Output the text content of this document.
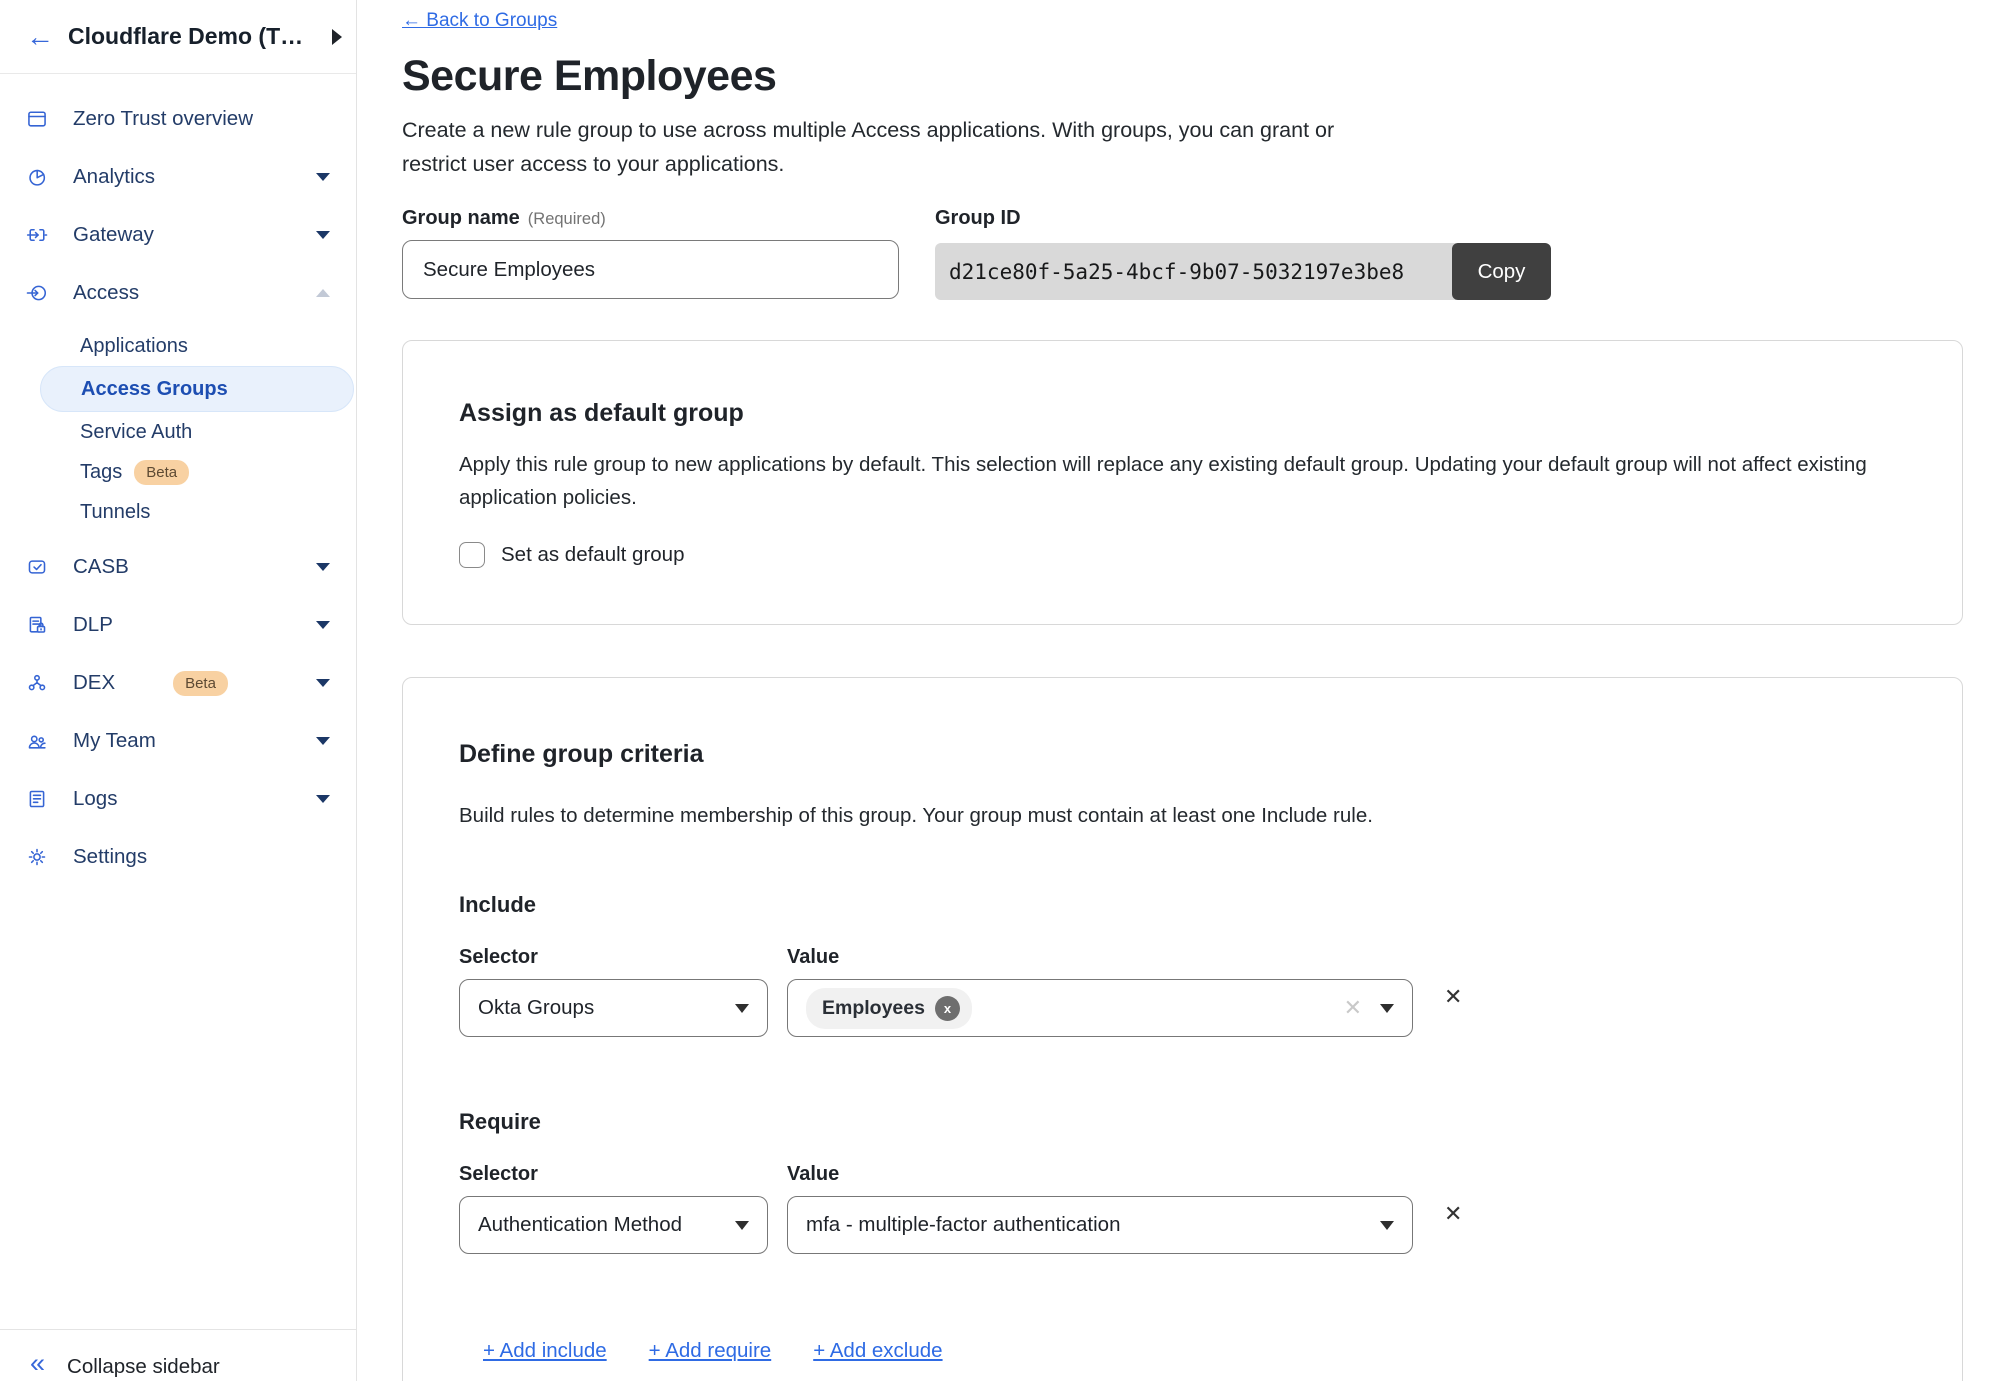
← Cloudflare Demo (T…
Zero Trust overview
Analytics
Gateway
Access
Applications
Access Groups
Service Auth
Tags	Beta
Tunnels
CASB
DLP
DEX	Beta
My Team
Logs
Settings
« Collapse sidebar
← Back to Groups
Secure Employees

Create a new rule group to use across multiple Access applications. With groups, you can grant or restrict user access to your applications.

Group name (Required)
Secure Employees	Group ID
d21ce80f-5a25-4bcf-9b07-5032197e3be8	Copy
Assign as default group

Apply this rule group to new applications by default. This selection will replace any existing default group. Updating your default group will not affect existing application policies.

Set as default group
Define group criteria

Build rules to determine membership of this group. Your group must contain at least one Include rule.

Include
Selector	Value
Okta Groups	Employees	x	✕	✕
Require
Selector	Value
Authentication Method	mfa - multiple-factor authentication	✕
+ Add include + Add require + Add exclude
